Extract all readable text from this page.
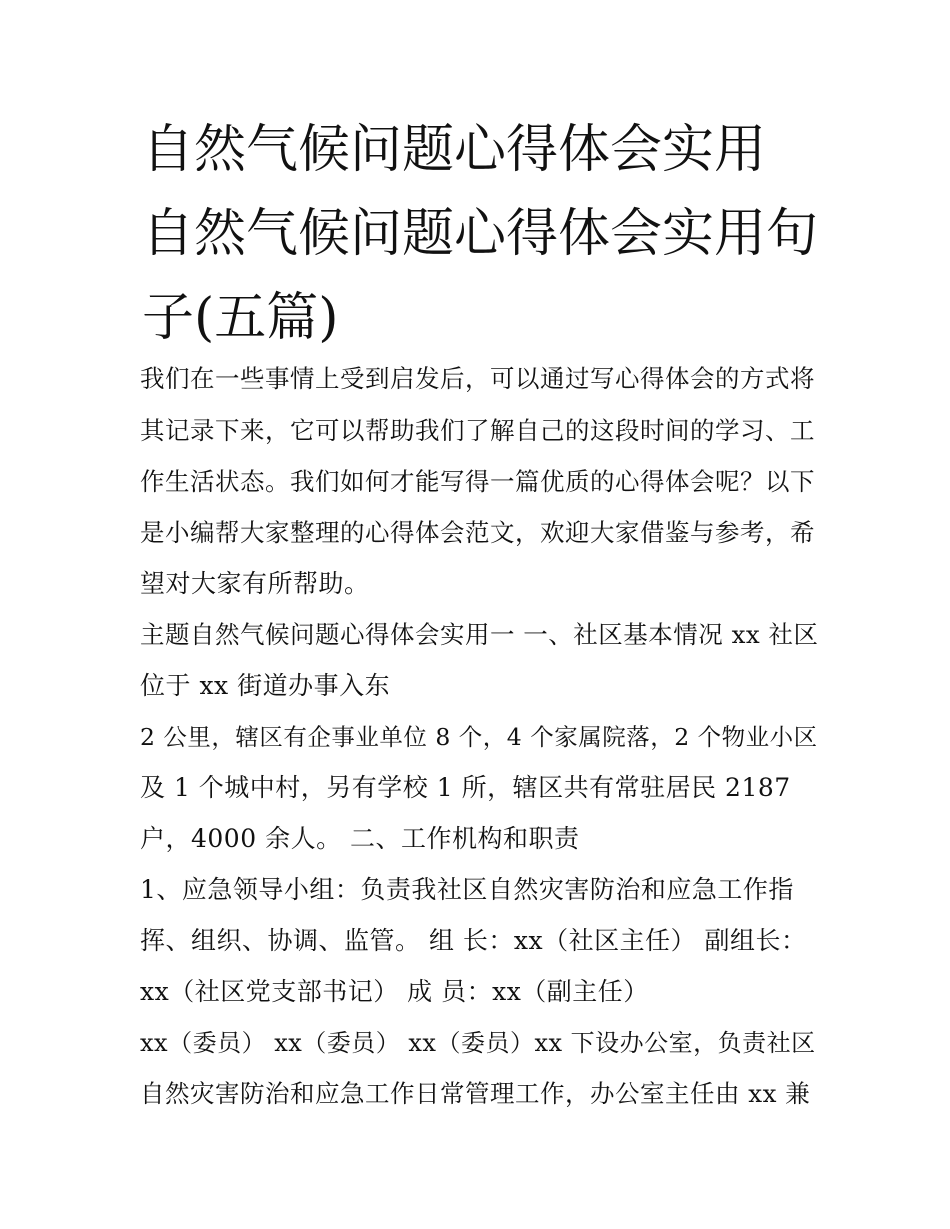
自然气候问题心得体会实用 自然气候问题心得体会实用句子(五篇)

我们在一些事情上受到启发后，可以通过写心得体会的方式将

其记录下来，它可以帮助我们了解自己的这段时间的学习、工

作生活状态。我们如何才能写得一篇优质的心得体会呢？以下

是小编帮大家整理的心得体会范文，欢迎大家借鉴与参考，希

望对大家有所帮助。

主题自然气候问题心得体会实用一 一、社区基本情况 xx 社区

位于 xx 街道办事入东

2 公里，辖区有企事业单位 8 个，4 个家属院落，2 个物业小区

及 1 个城中村，另有学校 1 所，辖区共有常驻居民 2187

户，4000 余人。 二、工作机构和职责

1、应急领导小组：负责我社区自然灾害防治和应急工作指

挥、组织、协调、监管。 组 长：xx（社区主任） 副组长：

xx（社区党支部书记） 成 员：xx（副主任）

xx（委员） xx（委员） xx（委员）xx 下设办公室，负责社区

自然灾害防治和应急工作日常管理工作，办公室主任由 xx 兼
